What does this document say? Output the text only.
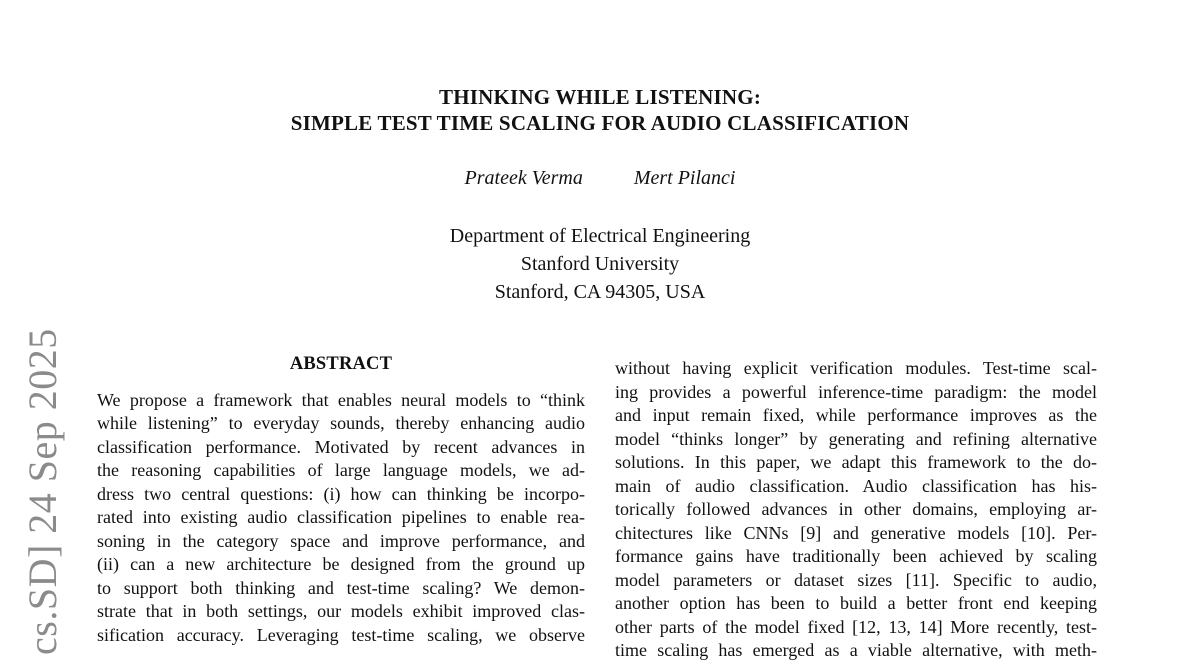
cs.SD] 24 Sep 2025
THINKING WHILE LISTENING:
SIMPLE TEST TIME SCALING FOR AUDIO CLASSIFICATION
Prateek Verma	Mert Pilanci
Department of Electrical Engineering
Stanford University
Stanford, CA 94305, USA
ABSTRACT
We propose a framework that enables neural models to “think
while listening” to everyday sounds, thereby enhancing audio
classification performance. Motivated by recent advances in
the reasoning capabilities of large language models, we ad-
dress two central questions: (i) how can thinking be incorpo-
rated into existing audio classification pipelines to enable rea-
soning in the category space and improve performance, and
(ii) can a new architecture be designed from the ground up
to support both thinking and test-time scaling? We demon-
strate that in both settings, our models exhibit improved clas-
sification accuracy. Leveraging test-time scaling, we observe
without having explicit verification modules. Test-time scal-
ing provides a powerful inference-time paradigm: the model
and input remain fixed, while performance improves as the
model “thinks longer” by generating and refining alternative
solutions. In this paper, we adapt this framework to the do-
main of audio classification. Audio classification has his-
torically followed advances in other domains, employing ar-
chitectures like CNNs [9] and generative models [10]. Per-
formance gains have traditionally been achieved by scaling
model parameters or dataset sizes [11]. Specific to audio,
another option has been to build a better front end keeping
other parts of the model fixed [12, 13, 14] More recently, test-
time scaling has emerged as a viable alternative, with meth-
